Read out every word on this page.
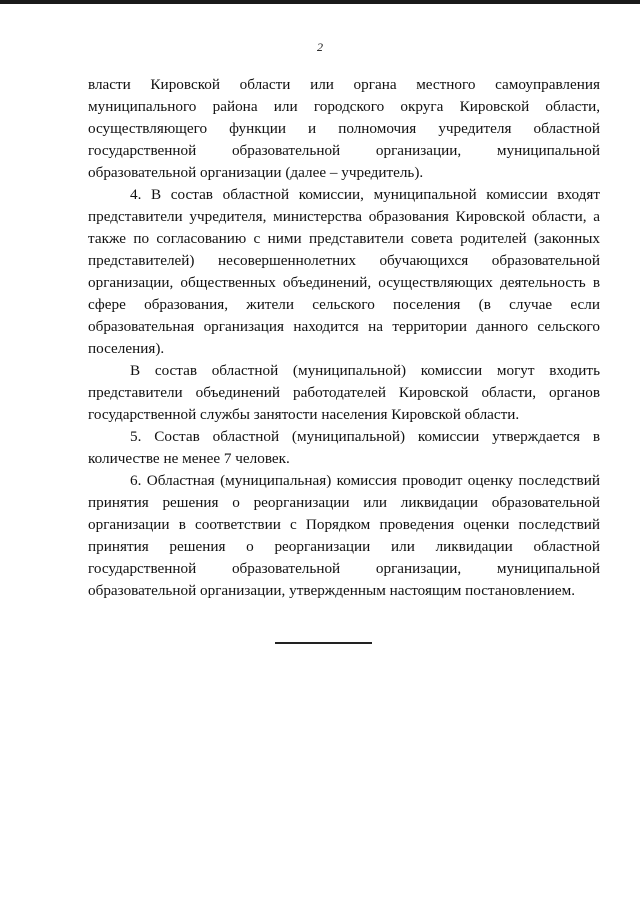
2

власти Кировской области или органа местного самоуправления муниципального района или городского округа Кировской области, осуществляющего функции и полномочия учредителя областной государственной образовательной организации, муниципальной образовательной организации (далее – учредитель).

4. В состав областной комиссии, муниципальной комиссии входят представители учредителя, министерства образования Кировской области, а также по согласованию с ними представители совета родителей (законных представителей) несовершеннолетних обучающихся образовательной организации, общественных объединений, осуществляющих деятельность в сфере образования, жители сельского поселения (в случае если образовательная организация находится на территории данного сельского поселения).

В состав областной (муниципальной) комиссии могут входить представители объединений работодателей Кировской области, органов государственной службы занятости населения Кировской области.

5. Состав областной (муниципальной) комиссии утверждается в количестве не менее 7 человек.

6. Областная (муниципальная) комиссия проводит оценку последствий принятия решения о реорганизации или ликвидации образовательной организации в соответствии с Порядком проведения оценки последствий принятия решения о реорганизации или ликвидации областной государственной образовательной организации, муниципальной образовательной организации, утвержденным настоящим постановлением.
